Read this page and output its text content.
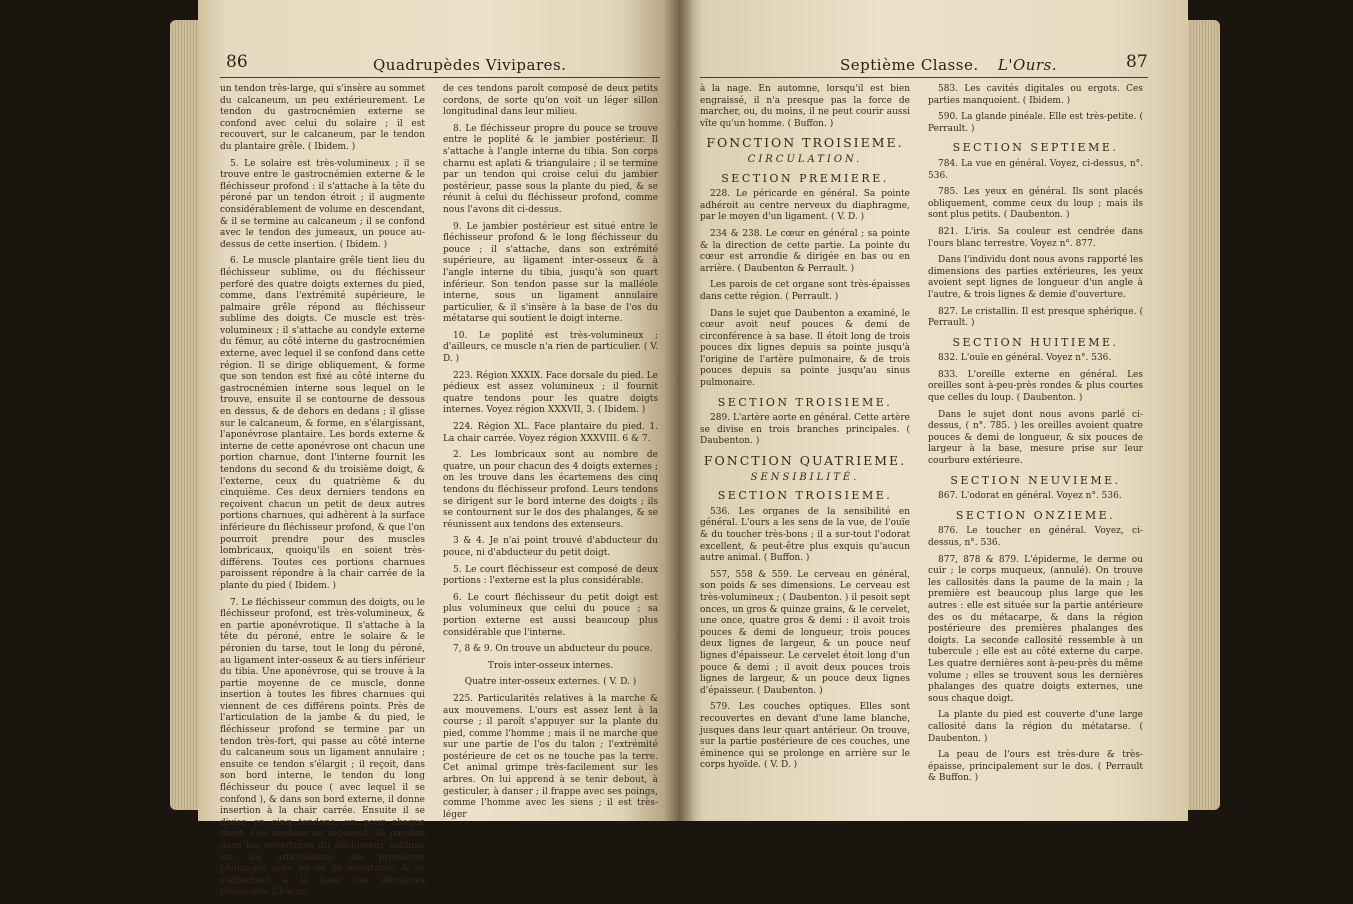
86	Quadrupèdes Vivipares.

un tendon très-large, qui s'insère au sommet du calcaneum, un peu extérieurement. Le tendon du gastrocnémien externe se confond avec celui du solaire ; il est recouvert, sur le calcaneum, par le tendon du plantaire grêle. ( Ibidem. )

5. Le solaire est très-volumineux ; il se trouve entre le gastrocnémien externe & le fléchisseur profond : il s'attache à la tête du péroné par un tendon étroit ; il augmente considérablement de volume en descendant, & il se termine au calcaneum ; il se confond avec le tendon des jumeaux, un pouce au-dessus de cette insertion. ( Ibidem. )

6. Le muscle plantaire grêle tient lieu du fléchisseur sublime, ou du fléchisseur perforé des quatre doigts externes du pied, comme, dans l'extrémité supérieure, le palmaire grêle répond au fléchisseur sublime des doigts. Ce muscle est très-volumineux ; il s'attache au condyle externe du fémur, au côté interne du gastrocnémien externe, avec lequel il se confond dans cette région. Il se dirige obliquement, & forme que son tendon est fixé au côté interne du gastrocnémien interne sous lequel on le trouve, ensuite il se contourne de dessous en dessus, & de dehors en dedans ; il glisse sur le calcaneum, & forme, en s'élargissant, l'aponévrose plantaire. Les bords externe & interne de cette aponévrose ont chacun une portion charnue, dont l'interne fournit les tendons du second & du troisième doigt, & l'externe, ceux du quatrième & du cinquième. Ces deux derniers tendons en reçoivent chacun un petit de deux autres portions charnues, qui adhèrent à la surface inférieure du fléchisseur profond, & que l'on pourroit prendre pour des muscles lombricaux, quoiqu'ils en soient très-différens. Toutes ces portions charnues paroissent répondre à la chair carrée de la plante du pied ( Ibidem. )

7. Le fléchisseur commun des doigts, ou le fléchisseur profond, est très-volumineux, & en partie aponévrotique. Il s'attache à la tête du péroné, entre le solaire & le péronien du tarse, tout le long du péroné, au ligament inter-osseux & au tiers inférieur du tibia. Une aponévrose, qui se trouve à la partie moyenne de ce muscle, donne insertion à toutes les fibres charnues qui viennent de ces différens points. Près de l'articulation de la jambe & du pied, le fléchisseur profond se termine par un tendon très-fort, qui passe au côté interne du calcaneum sous un ligament annulaire ; ensuite ce tendon s'élargit ; il reçoit, dans son bord interne, le tendon du long fléchisseur du pouce ( avec lequel il se confond ), & dans son bord externe, il donne insertion à la chair carrée. Ensuite il se divise en cinq tendons, un pour chaque doigt. Ces tendons se séparent, ils passent dans les ouvertures du fléchisseur sublime sur les articulations des premières phalanges avec les os du métatarse, & ils s'attachent à la base des dernières phalanges. Chacun

de ces tendons paroît composé de deux petits cordons, de sorte qu'on voit un léger sillon longitudinal dans leur milieu.

8. Le fléchisseur propre du pouce se trouve entre le poplité & le jambier postérieur. Il s'attache à l'angle interne du tibia. Son corps charnu est aplati & triangulaire ; il se termine par un tendon qui croise celui du jambier postérieur, passe sous la plante du pied, & se réunit à celui du fléchisseur profond, comme nous l'avons dit ci-dessus.

9. Le jambier postérieur est situé entre le fléchisseur profond & le long fléchisseur du pouce ; il s'attache, dans son extrémité supérieure, au ligament inter-osseux & à l'angle interne du tibia, jusqu'à son quart inférieur. Son tendon passe sur la malléole interne, sous un ligament annulaire particulier, & il s'insère à la base de l'os du métatarse qui soutient le doigt interne.

10. Le poplité est très-volumineux ; d'ailleurs, ce muscle n'a rien de particulier. ( V. D. )

223. Région XXXIX. Face dorsale du pied. Le pédieux est assez volumineux ; il fournit quatre tendons pour les quatre doigts internes. Voyez région XXXVII, 3. ( Ibidem. )

224. Région XL. Face plantaire du pied. 1. La chair carrée. Voyez région XXXVIII. 6 & 7.

2. Les lombricaux sont au nombre de quatre, un pour chacun des 4 doigts externes ; on les trouve dans les écartemens des cinq tendons du fléchisseur profond. Leurs tendons se dirigent sur le bord interne des doigts ; ils se contournent sur le dos des phalanges, & se réunissent aux tendons des extenseurs.

3 & 4. Je n'ai point trouvé d'abducteur du pouce, ni d'abducteur du petit doigt.

5. Le court fléchisseur est composé de deux portions : l'externe est la plus considérable.

6. Le court fléchisseur du petit doigt est plus volumineux que celui du pouce ; sa portion externe est aussi beaucoup plus considérable que l'interne.

7, 8 & 9. On trouve un abducteur du pouce.

Trois inter-osseux internes.

Quatre inter-osseux externes. ( V. D. )

225. Particularités relatives à la marche & aux mouvemens. L'ours est assez lent à la course ; il paroît s'appuyer sur la plante du pied, comme l'homme ; mais il ne marche que sur une partie de l'os du talon ; l'extrémité postérieure de cet os ne touche pas la terre. Cet animal grimpe très-facilement sur les arbres. On lui apprend à se tenir debout, à gesticuler, à danser ; il frappe avec ses poings, comme l'homme avec les siens ; il est très-léger

Septième Classe. L'Ours.	87

à la nage. En automne, lorsqu'il est bien engraissé, il n'a presque pas la force de marcher, ou, du moins, il ne peut courir aussi vîte qu'un homme. ( Buffon. )

FONCTION TROISIEME.
CIRCULATION.
SECTION PREMIERE.

228. Le péricarde en général. Sa pointe adhéroit au centre nerveux du diaphragme, par le moyen d'un ligament. ( V. D. )

234 & 238. Le cœur en général ; sa pointe & la direction de cette partie. La pointe du cœur est arrondie & dirigée en bas ou en arrière. ( Daubenton & Perrault. )

Les parois de cet organe sont très-épaisses dans cette région. ( Perrault. )

Dans le sujet que Daubenton a examiné, le cœur avoit neuf pouces & demi de circonférence à sa base. Il étoit long de trois pouces dix lignes depuis sa pointe jusqu'à l'origine de l'artère pulmonaire, & de trois pouces depuis sa pointe jusqu'au sinus pulmonaire.

SECTION TROISIEME.

289. L'artère aorte en général. Cette artère se divise en trois branches principales. ( Daubenton. )

FONCTION QUATRIEME.
SENSIBILITÉ.
SECTION TROISIEME.

536. Les organes de la sensibilité en général. L'ours a les sens de la vue, de l'ouïe & du toucher très-bons ; il a sur-tout l'odorat excellent, & peut-être plus exquis qu'aucun autre animal. ( Buffon. )

557, 558 & 559. Le cerveau en général, son poids & ses dimensions. Le cerveau est très-volumineux ; ( Daubenton. ) il pesoit sept onces, un gros & quinze grains, & le cervelet, une once, quatre gros & demi : il avoit trois pouces & demi de longueur, trois pouces deux lignes de largeur, & un pouce neuf lignes d'épaisseur. Le cervelet étoit long d'un pouce & demi ; il avoit deux pouces trois lignes de largeur, & un pouce deux lignes d'épaisseur. ( Daubenton. )

579. Les couches optiques. Elles sont recouvertes en devant d'une lame blanche, jusques dans leur quart antérieur. On trouve, sur la partie postérieure de ces couches, une éminence qui se prolonge en arrière sur le corps hyoïde. ( V. D. )

583. Les cavités digitales ou ergots. Ces parties manquoient. ( Ibidem. )

590. La glande pinéale. Elle est très-petite. ( Perrault. )

SECTION SEPTIEME.

784. La vue en général. Voyez, ci-dessus, n°. 536.

785. Les yeux en général. Ils sont placés obliquement, comme ceux du loup ; mais ils sont plus petits. ( Daubenton. )

821. L'iris. Sa couleur est cendrée dans l'ours blanc terrestre. Voyez n°. 877.

Dans l'individu dont nous avons rapporté les dimensions des parties extérieures, les yeux avoient sept lignes de longueur d'un angle à l'autre, & trois lignes & demie d'ouverture.

827. Le cristallin. Il est presque sphérique. ( Perrault. )

SECTION HUITIEME.

832. L'ouïe en général. Voyez n°. 536.

833. L'oreille externe en général. Les oreilles sont à-peu-près rondes & plus courtes que celles du loup. ( Daubenton. )

Dans le sujet dont nous avons parlé ci-dessus, ( n°. 785. ) les oreilles avoient quatre pouces & demi de longueur, & six pouces de largeur à la base, mesure prise sur leur courbure extérieure.

SECTION NEUVIEME.

867. L'odorat en général. Voyez n°. 536.

SECTION ONZIEME.

876. Le toucher en général. Voyez, ci-dessus, n°. 536.

877, 878 & 879. L'épiderme, le derme ou cuir ; le corps muqueux, (annulé). On trouve les callosités dans la paume de la main ; la première est beaucoup plus large que les autres : elle est située sur la partie antérieure des os du métacarpe, & dans la région postérieure des premières phalanges des doigts. La seconde callosité ressemble à un tubercule ; elle est au côté externe du carpe. Les quatre dernières sont à-peu-près du même volume ; elles se trouvent sous les dernières phalanges des quatre doigts externes, une sous chaque doigt.

La plante du pied est couverte d'une large callosité dans la région du métatarse. ( Daubenton. )

La peau de l'ours est très-dure & très-épaisse, principalement sur le dos. ( Perrault & Buffon. )
